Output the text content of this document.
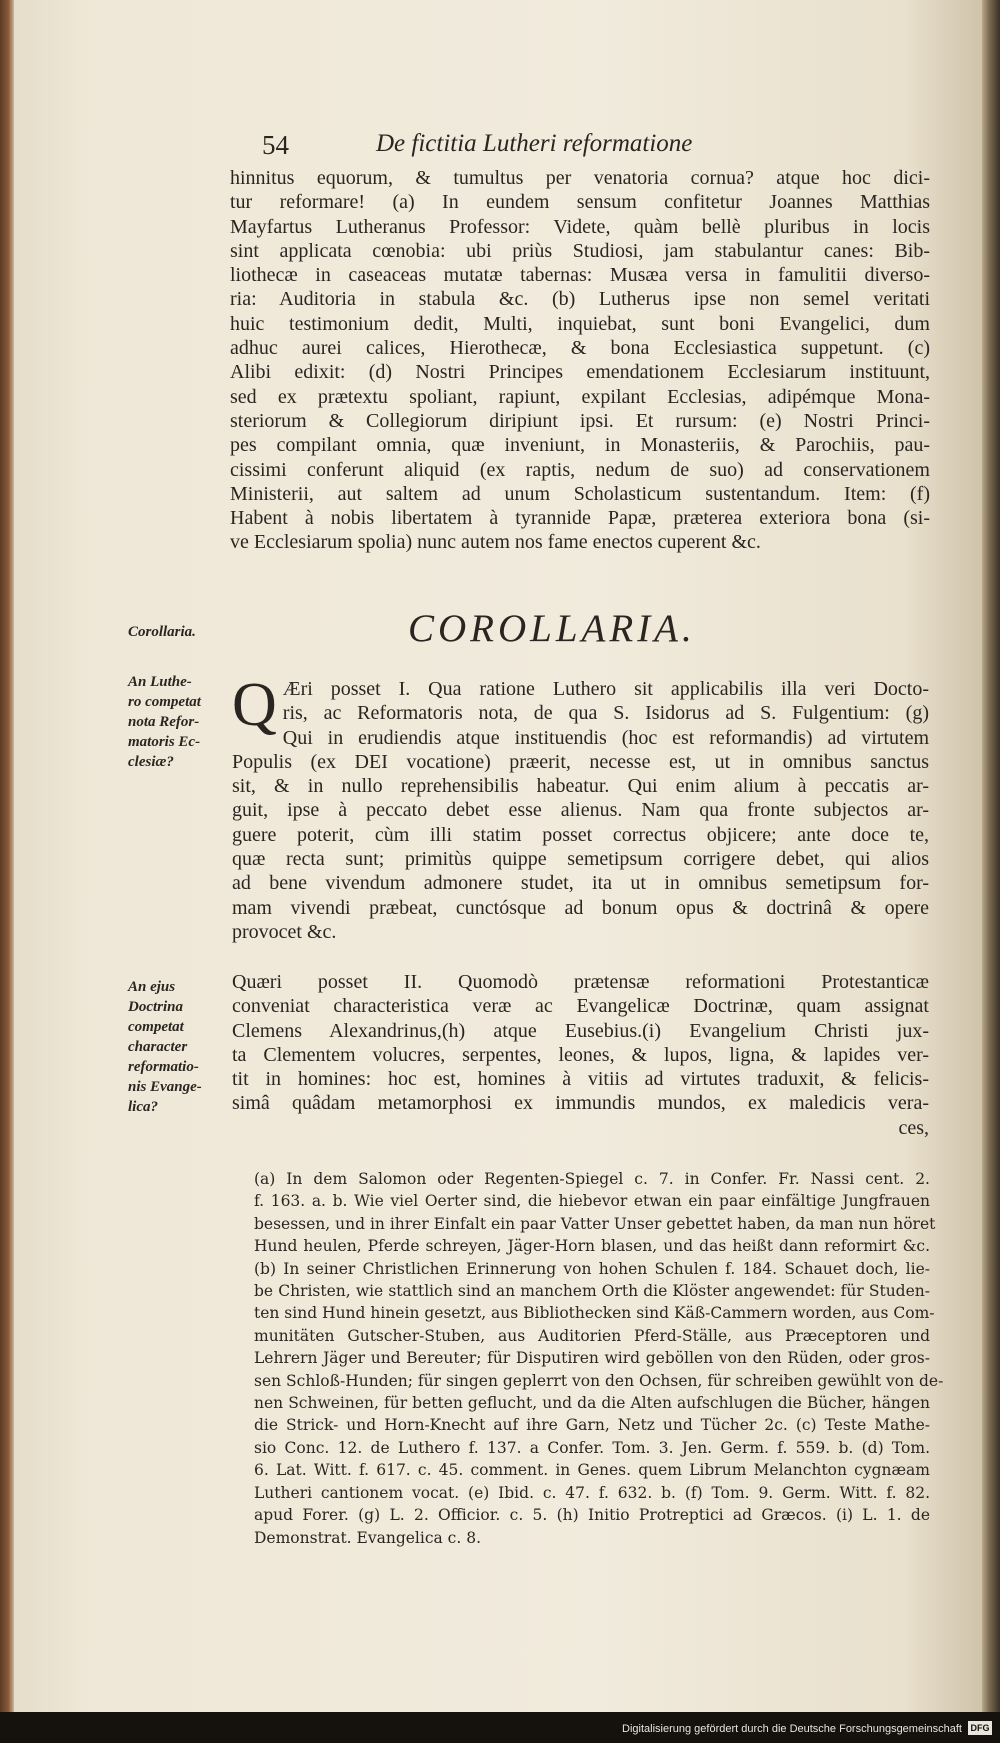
54	De fictitia Lutheri reformatione
hinnitus equorum, & tumultus per venatoria cornua? atque hoc dici-
tur reformare! (a) In eundem sensum confitetur Joannes Matthias
Mayfartus Lutheranus Professor: Videte, quàm bellè pluribus in locis
sint applicata cœnobia: ubi priùs Studiosi, jam stabulantur canes: Bib-
liothecæ in caseaceas mutatæ tabernas: Musæa versa in famulitii diverso-
ria: Auditoria in stabula &c. (b) Lutherus ipse non semel veritati
huic testimonium dedit, Multi, inquiebat, sunt boni Evangelici, dum
adhuc aurei calices, Hierothecæ, & bona Ecclesiastica suppetunt. (c)
Alibi edixit: (d) Nostri Principes emendationem Ecclesiarum instituunt,
sed ex prætextu spoliant, rapiunt, expilant Ecclesias, adipémque Mona-
steriorum & Collegiorum diripiunt ipsi. Et rursum: (e) Nostri Princi-
pes compilant omnia, quæ inveniunt, in Monasteriis, & Parochiis, pau-
cissimi conferunt aliquid (ex raptis, nedum de suo) ad conservationem
Ministerii, aut saltem ad unum Scholasticum sustentandum. Item: (f)
Habent à nobis libertatem à tyrannide Papæ, præterea exteriora bona (si-
ve Ecclesiarum spolia) nunc autem nos fame enectos cuperent &c.
Corollaria.	COROLLARIA.
An Luthe-
ro competat
nota Refor-
matoris Ec-
clesiæ?
Q Æri posset I. Qua ratione Luthero sit applicabilis illa veri Docto-
ris, ac Reformatoris nota, de qua S. Isidorus ad S. Fulgentium: (g)
Qui in erudiendis atque instituendis (hoc est reformandis) ad virtutem
Populis (ex DEI vocatione) præerit, necesse est, ut in omnibus sanctus
sit, & in nullo reprehensibilis habeatur. Qui enim alium à peccatis ar-
guit, ipse à peccato debet esse alienus. Nam qua fronte subjectos ar-
guere poterit, cùm illi statim posset correctus objicere; ante doce te,
quæ recta sunt; primitùs quippe semetipsum corrigere debet, qui alios
ad bene vivendum admonere studet, ita ut in omnibus semetipsum for-
mam vivendi præbeat, cunctósque ad bonum opus & doctrinâ & opere
provocet &c.
An ejus
Doctrina
competat
character
reformatio-
nis Evange-
lica?
Quæri posset II. Quomodò prætensæ reformationi Protestanticæ
conveniat characteristica veræ ac Evangelicæ Doctrinæ, quam assignat
Clemens Alexandrinus,(h) atque Eusebius.(i) Evangelium Christi jux-
ta Clementem volucres, serpentes, leones, & lupos, ligna, & lapides ver-
tit in homines: hoc est, homines à vitiis ad virtutes traduxit, & felicis-
simâ quâdam metamorphosi ex immundis mundos, ex maledicis vera-
ces,
(a) In dem Salomon oder Regenten-Spiegel c. 7. in Confer. Fr. Nassi cent. 2.
f. 163. a. b. Wie viel Oerter sind, die hiebevor etwan ein paar einfältige Jungfrauen
besessen, und in ihrer Einfalt ein paar Vatter Unser gebettet haben, da man nun höret
Hund heulen, Pferde schreyen, Jäger-Horn blasen, und das heißt dann reformirt &c.
(b) In seiner Christlichen Erinnerung von hohen Schulen f. 184. Schauet doch, lie-
be Christen, wie stattlich sind an manchem Orth die Klöster angewendet: für Studen-
ten sind Hund hinein gesetzt, aus Bibliothecken sind Käß-Cammern worden, aus Com-
munitäten Gutscher-Stuben, aus Auditorien Pferd-Ställe, aus Præceptoren und
Lehrern Jäger und Bereuter; für Disputiren wird geböllen von den Rüden, oder gros-
sen Schloß-Hunden; für singen geplerrt von den Ochsen, für schreiben gewühlt von de-
nen Schweinen, für betten geflucht, und da die Alten aufschlugen die Bücher, hängen
die Strick- und Horn-Knecht auf ihre Garn, Netz und Tücher 2c. (c) Teste Mathe-
sio Conc. 12. de Luthero f. 137. a Confer. Tom. 3. Jen. Germ. f. 559. b. (d) Tom.
6. Lat. Witt. f. 617. c. 45. comment. in Genes. quem Librum Melanchton cygnæam
Lutheri cantionem vocat. (e) Ibid. c. 47. f. 632. b. (f) Tom. 9. Germ. Witt. f. 82.
apud Forer. (g) L. 2. Officior. c. 5. (h) Initio Protreptici ad Græcos. (i) L. 1. de
Demonstrat. Evangelica c. 8.
Digitalisierung gefördert durch die Deutsche Forschungsgemeinschaft DFG
